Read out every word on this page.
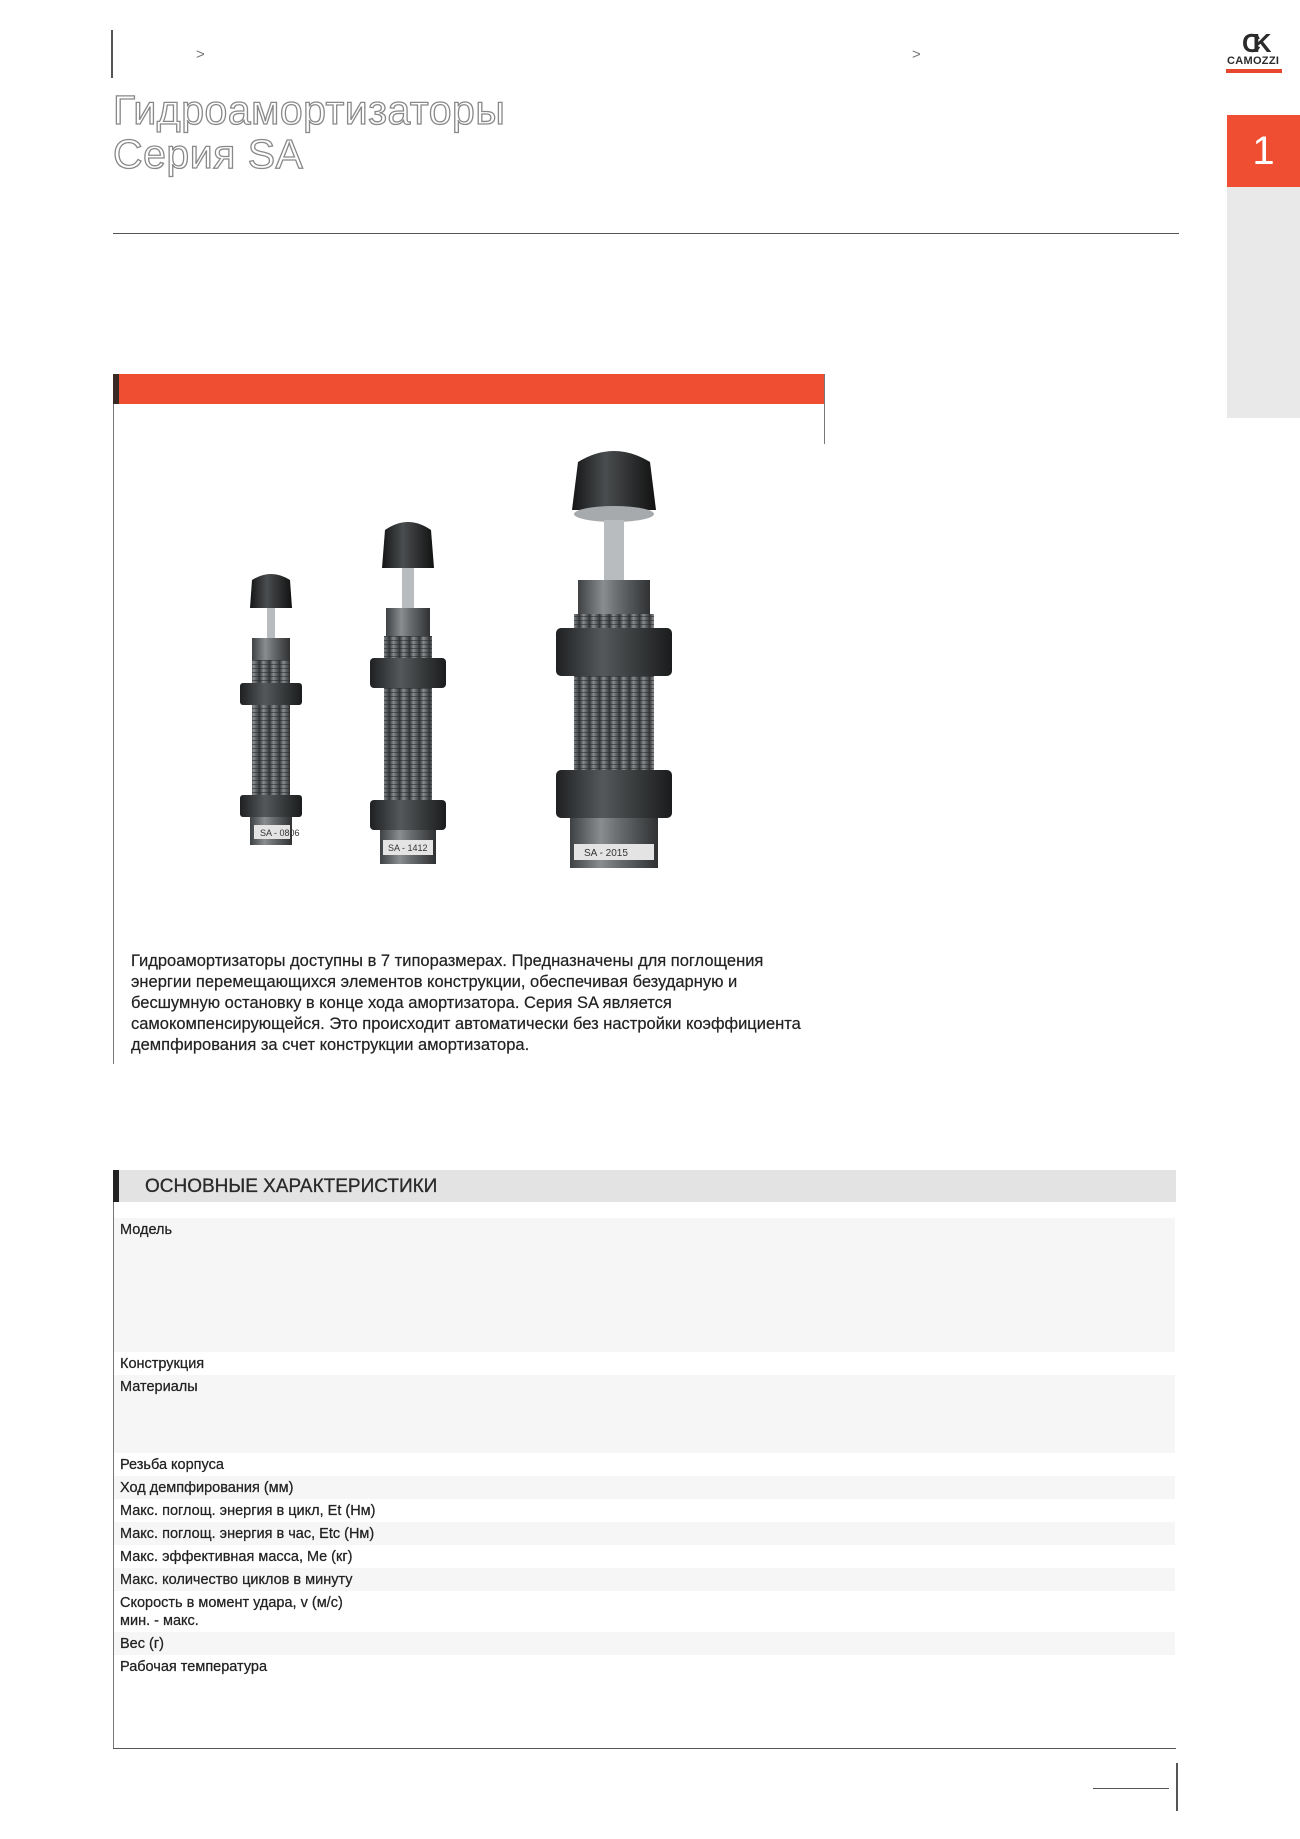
>	>
Гидроамортизаторы
Серия SA
CK
CAMOZZI
1
SA - 0806
SA - 1412	SA - 2015

Гидроамортизаторы доступны в 7 типоразмерах. Предназначены для поглощения энергии перемещающихся элементов конструкции, обеспечивая безударную и бесшумную остановку в конце хода амортизатора. Серия SA является самокомпенсирующейся. Это происходит автоматически без настройки коэффициента демпфирования за счет конструкции амортизатора.

ОСНОВНЫЕ ХАРАКТЕРИСТИКИ
Модель
Конструкция
Материалы
Резьба корпуса
Ход демпфирования (мм)
Макс. поглощ. энергия в цикл, Et (Нм)
Макс. поглощ. энергия в час, Etc (Нм)
Макс. эффективная масса, Me (кг)
Макс. количество циклов в минуту
Скорость в момент удара, v (м/с)
мин. - макс.
Вес (г)
Рабочая температура
